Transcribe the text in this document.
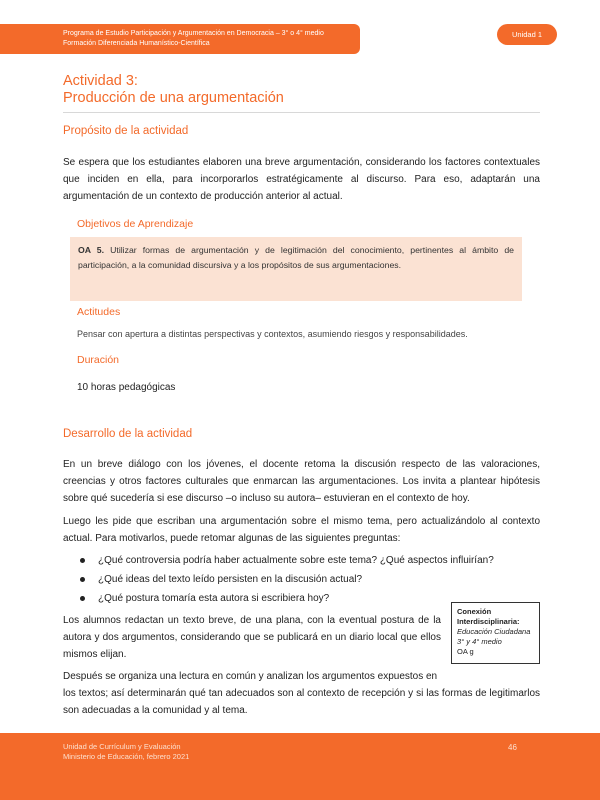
Programa de Estudio Participación y Argumentación en Democracia – 3° o 4° medio
Formación Diferenciada Humanístico-Científica
Unidad 1
Actividad 3:
Producción de una argumentación
Propósito de la actividad
Se espera que los estudiantes elaboren una breve argumentación, considerando los factores contextuales que inciden en ella, para incorporarlos estratégicamente al discurso. Para eso, adaptarán una argumentación de un contexto de producción anterior al actual.
Objetivos de Aprendizaje
OA 5. Utilizar formas de argumentación y de legitimación del conocimiento, pertinentes al ámbito de participación, a la comunidad discursiva y a los propósitos de sus argumentaciones.
Actitudes
Pensar con apertura a distintas perspectivas y contextos, asumiendo riesgos y responsabilidades.
Duración
10 horas pedagógicas
Desarrollo de la actividad
En un breve diálogo con los jóvenes, el docente retoma la discusión respecto de las valoraciones, creencias y otros factores culturales que enmarcan las argumentaciones. Los invita a plantear hipótesis sobre qué sucedería si ese discurso –o incluso su autora– estuvieran en el contexto de hoy.
Luego les pide que escriban una argumentación sobre el mismo tema, pero actualizándolo al contexto actual. Para motivarlos, puede retomar algunas de las siguientes preguntas:
¿Qué controversia podría haber actualmente sobre este tema? ¿Qué aspectos influirían?
¿Qué ideas del texto leído persisten en la discusión actual?
¿Qué postura tomaría esta autora si escribiera hoy?
Los alumnos redactan un texto breve, de una plana, con la eventual postura de la autora y dos argumentos, considerando que se publicará en un diario local que ellos mismos elijan.
Conexión
Interdisciplinaria:
Educación Ciudadana
3° y 4° medio
OA g
Después se organiza una lectura en común y analizan los argumentos expuestos en
los textos; así determinarán qué tan adecuados son al contexto de recepción y si las formas de legitimarlos son adecuadas a la comunidad y al tema.
Unidad de Currículum y Evaluación
Ministerio de Educación, febrero 2021
46
